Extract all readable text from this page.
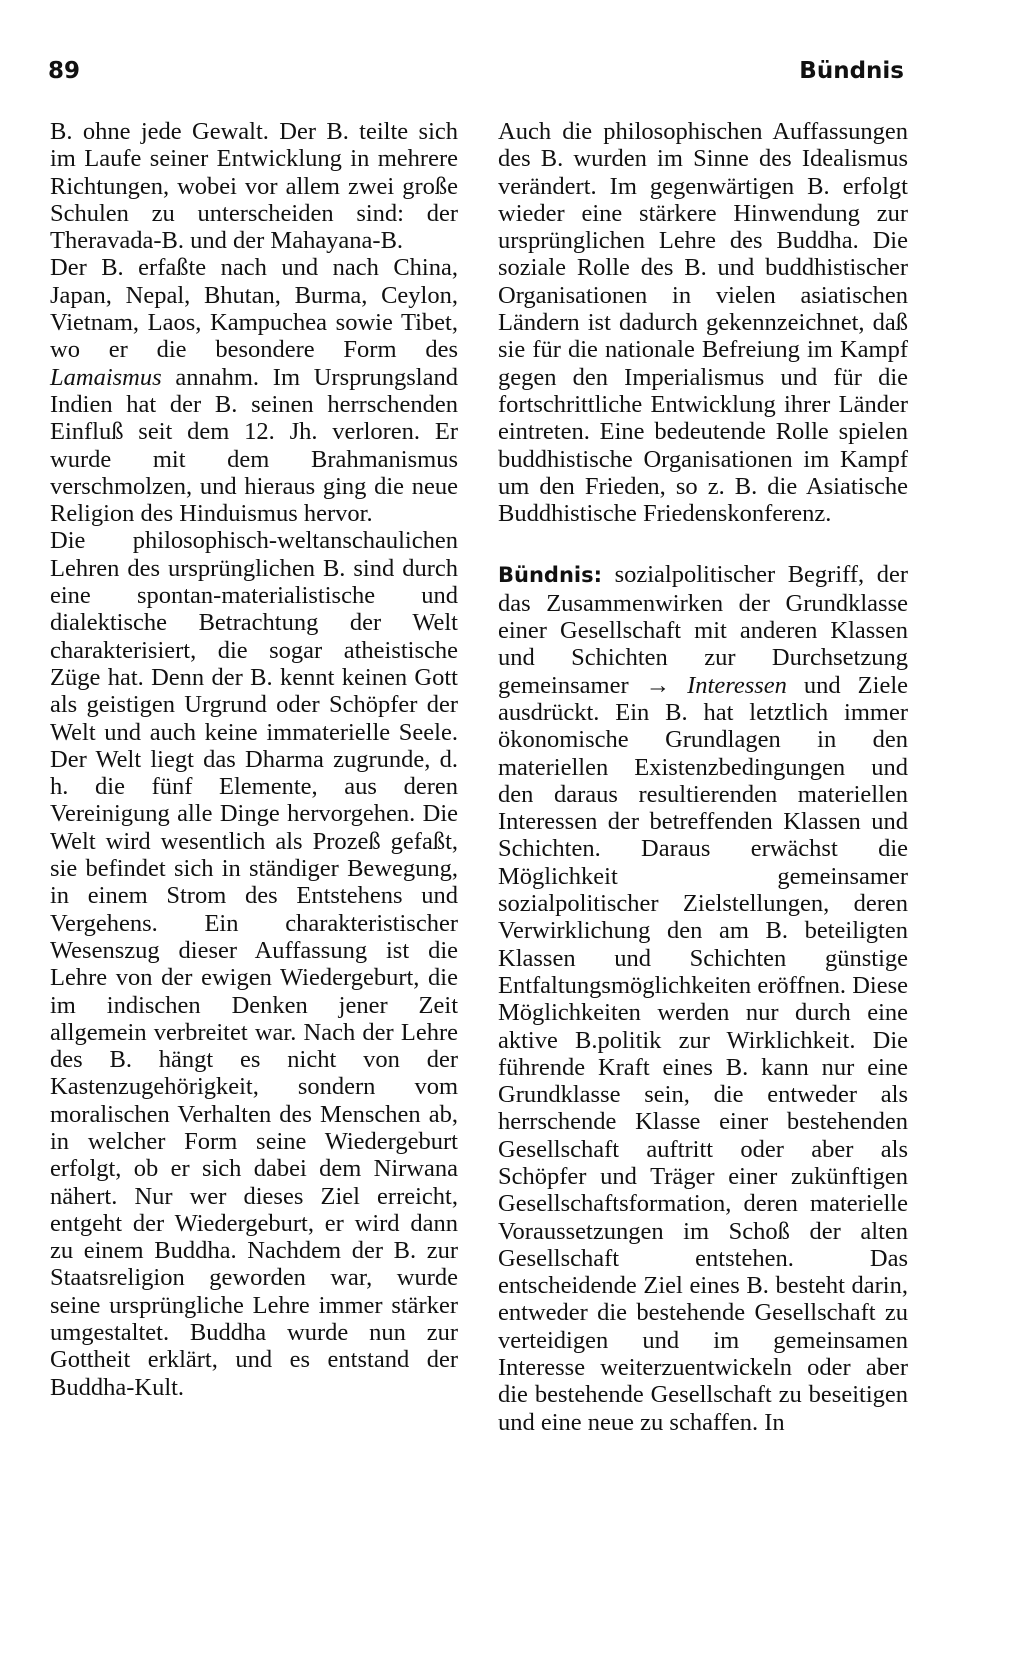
89	Bündnis

B. ohne jede Gewalt. Der B. teilte sich im Laufe seiner Entwicklung in mehrere Richtungen, wobei vor allem zwei große Schulen zu unterscheiden sind: der Theravada-B. und der Mahayana-B.

Der B. erfaßte nach und nach China, Japan, Nepal, Bhutan, Burma, Ceylon, Vietnam, Laos, Kampuchea sowie Tibet, wo er die besondere Form des Lamaismus annahm. Im Ursprungsland Indien hat der B. seinen herrschenden Einfluß seit dem 12. Jh. verloren. Er wurde mit dem Brahmanismus verschmolzen, und hieraus ging die neue Religion des Hinduismus hervor.

Die philosophisch-weltanschaulichen Lehren des ursprünglichen B. sind durch eine spontan-materialistische und dialektische Betrachtung der Welt charakterisiert, die sogar atheistische Züge hat. Denn der B. kennt keinen Gott als geistigen Urgrund oder Schöpfer der Welt und auch keine immaterielle Seele. Der Welt liegt das Dharma zugrunde, d. h. die fünf Elemente, aus deren Vereinigung alle Dinge hervorgehen. Die Welt wird wesentlich als Prozeß gefaßt, sie befindet sich in ständiger Bewegung, in einem Strom des Entstehens und Vergehens. Ein charakteristischer Wesenszug dieser Auffassung ist die Lehre von der ewigen Wiedergeburt, die im indischen Denken jener Zeit allgemein verbreitet war. Nach der Lehre des B. hängt es nicht von der Kastenzugehörigkeit, sondern vom moralischen Verhalten des Menschen ab, in welcher Form seine Wiedergeburt erfolgt, ob er sich dabei dem Nirwana nähert. Nur wer dieses Ziel erreicht, entgeht der Wiedergeburt, er wird dann zu einem Buddha. Nachdem der B. zur Staatsreligion geworden war, wurde seine ursprüngliche Lehre immer stärker umgestaltet. Buddha wurde nun zur Gottheit erklärt, und es entstand der Buddha-Kult.

Auch die philosophischen Auffassungen des B. wurden im Sinne des Idealismus verändert. Im gegenwärtigen B. erfolgt wieder eine stärkere Hinwendung zur ursprünglichen Lehre des Buddha. Die soziale Rolle des B. und buddhistischer Organisationen in vielen asiatischen Ländern ist dadurch gekennzeichnet, daß sie für die nationale Befreiung im Kampf gegen den Imperialismus und für die fortschrittliche Entwicklung ihrer Länder eintreten. Eine bedeutende Rolle spielen buddhistische Organisationen im Kampf um den Frieden, so z. B. die Asiatische Buddhistische Friedenskonferenz.

Bündnis: sozialpolitischer Begriff, der das Zusammenwirken der Grundklasse einer Gesellschaft mit anderen Klassen und Schichten zur Durchsetzung gemeinsamer → Interessen und Ziele ausdrückt. Ein B. hat letztlich immer ökonomische Grundlagen in den materiellen Existenzbedingungen und den daraus resultierenden materiellen Interessen der betreffenden Klassen und Schichten. Daraus erwächst die Möglichkeit gemeinsamer sozialpolitischer Zielstellungen, deren Verwirklichung den am B. beteiligten Klassen und Schichten günstige Entfaltungsmöglichkeiten eröffnen. Diese Möglichkeiten werden nur durch eine aktive B.politik zur Wirklichkeit. Die führende Kraft eines B. kann nur eine Grundklasse sein, die entweder als herrschende Klasse einer bestehenden Gesellschaft auftritt oder aber als Schöpfer und Träger einer zukünftigen Gesellschaftsformation, deren materielle Voraussetzungen im Schoß der alten Gesellschaft entstehen. Das entscheidende Ziel eines B. besteht darin, entweder die bestehende Gesellschaft zu verteidigen und im gemeinsamen Interesse weiterzuentwickeln oder aber die bestehende Gesellschaft zu beseitigen und eine neue zu schaffen. In
